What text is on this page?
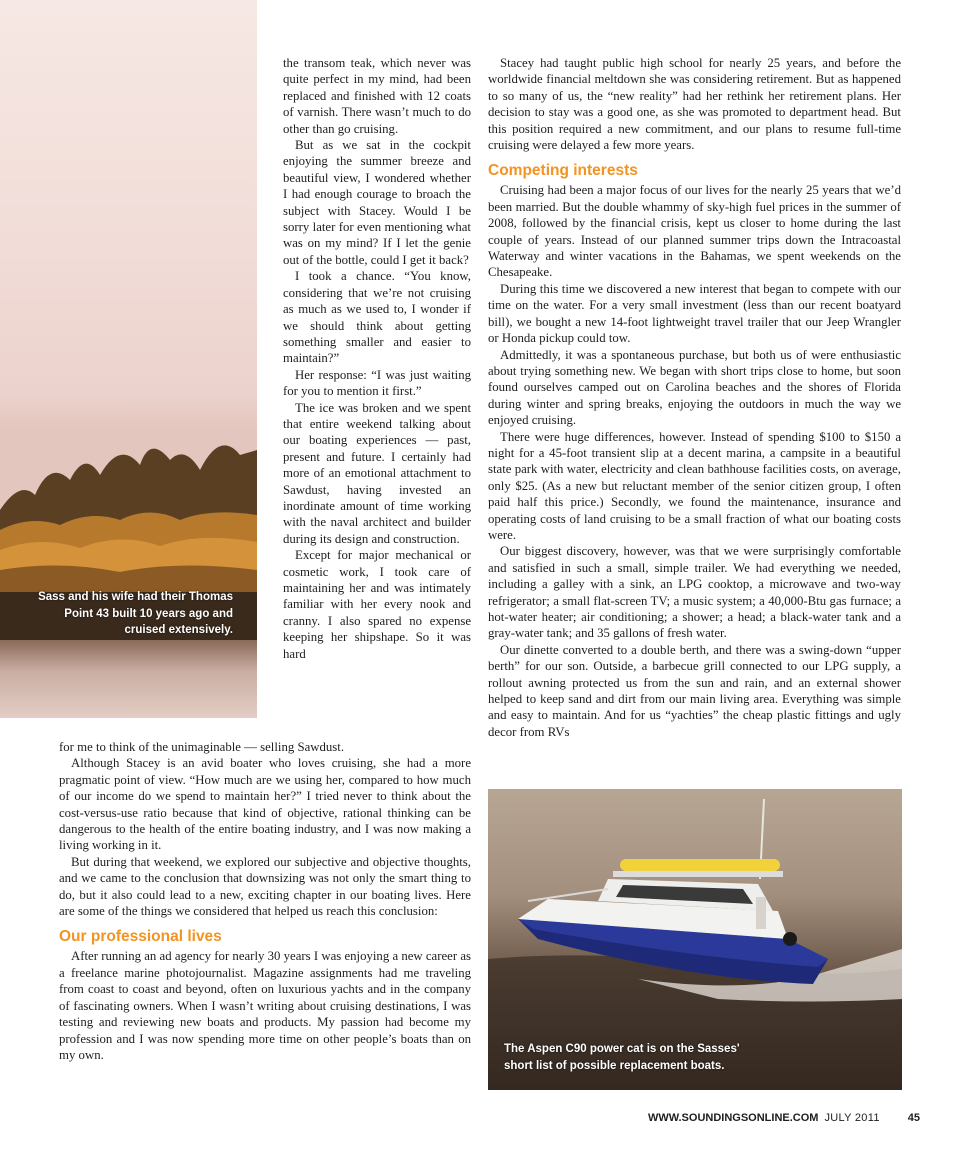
Sass and his wife had their Thomas
Point 43 built 10 years ago and
cruised extensively.

the transom teak, which never was quite perfect in my mind, had been replaced and finished with 12 coats of varnish. There wasn’t much to do other than go cruising.

But as we sat in the cockpit enjoying the summer breeze and beautiful view, I wondered whether I had enough courage to broach the subject with Stacey. Would I be sorry later for even mentioning what was on my mind? If I let the genie out of the bottle, could I get it back?

I took a chance. “You know, considering that we’re not cruising as much as we used to, I wonder if we should think about getting something smaller and easier to maintain?”

Her response: “I was just waiting for you to mention it first.”

The ice was broken and we spent that entire weekend talking about our boating experiences — past, present and future. I certainly had more of an emotional attachment to Sawdust, having invested an inordinate amount of time working with the naval architect and builder during its design and construction.

Except for major mechanical or cosmetic work, I took care of maintaining her and was intimately familiar with her every nook and cranny. I also spared no expense keeping her shipshape. So it was hard

for me to think of the unimaginable — selling Sawdust.

Although Stacey is an avid boater who loves cruising, she had a more pragmatic point of view. “How much are we using her, compared to how much of our income do we spend to maintain her?” I tried never to think about the cost-versus-use ratio because that kind of objective, rational thinking can be dangerous to the health of the entire boating industry, and I was now making a living working in it.

But during that weekend, we explored our subjective and objective thoughts, and we came to the conclusion that downsizing was not only the smart thing to do, but it also could lead to a new, exciting chapter in our boating lives. Here are some of the things we considered that helped us reach this conclusion:

Our professional lives

After running an ad agency for nearly 30 years I was enjoying a new career as a freelance marine photojournalist. Magazine assignments had me traveling from coast to coast and beyond, often on luxurious yachts and in the company of fascinating owners. When I wasn’t writing about cruising destinations, I was testing and reviewing new boats and products. My passion had become my profession and I was now spending more time on other people’s boats than on my own.

Stacey had taught public high school for nearly 25 years, and before the worldwide financial meltdown she was considering retirement. But as happened to so many of us, the “new reality” had her rethink her retirement plans. Her decision to stay was a good one, as she was promoted to department head. But this position required a new commitment, and our plans to resume full-time cruising were delayed a few more years.

Competing interests

Cruising had been a major focus of our lives for the nearly 25 years that we’d been married. But the double whammy of sky-high fuel prices in the summer of 2008, followed by the financial crisis, kept us closer to home during the last couple of years. Instead of our planned summer trips down the Intracoastal Waterway and winter vacations in the Bahamas, we spent weekends on the Chesapeake.

During this time we discovered a new interest that began to compete with our time on the water. For a very small investment (less than our recent boatyard bill), we bought a new 14-foot lightweight travel trailer that our Jeep Wrangler or Honda pickup could tow.

Admittedly, it was a spontaneous purchase, but both us of were enthusiastic about trying something new. We began with short trips close to home, but soon found ourselves camped out on Carolina beaches and the shores of Florida during winter and spring breaks, enjoying the outdoors in much the way we enjoyed cruising.

There were huge differences, however. Instead of spending $100 to $150 a night for a 45-foot transient slip at a decent marina, a campsite in a beautiful state park with water, electricity and clean bathhouse facilities costs, on average, only $25. (As a new but reluctant member of the senior citizen group, I often paid half this price.) Secondly, we found the maintenance, insurance and operating costs of land cruising to be a small fraction of what our boating costs were.

Our biggest discovery, however, was that we were surprisingly comfortable and satisfied in such a small, simple trailer. We had everything we needed, including a galley with a sink, an LPG cooktop, a microwave and two-way refrigerator; a small flat-screen TV; a music system; a 40,000-Btu gas furnace; a hot-water heater; air conditioning; a shower; a head; a black-water tank and a gray-water tank; and 35 gallons of fresh water.

Our dinette converted to a double berth, and there was a swing-down “upper berth” for our son. Outside, a barbecue grill connected to our LPG supply, a rollout awning protected us from the sun and rain, and an external shower helped to keep sand and dirt from our main living area. Everything was simple and easy to maintain. And for us “yachties” the cheap plastic fittings and ugly decor from RVs

The Aspen C90 power cat is on the Sasses'
short list of possible replacement boats.
WWW.SOUNDINGSONLINE.COM JULY 2011	45
